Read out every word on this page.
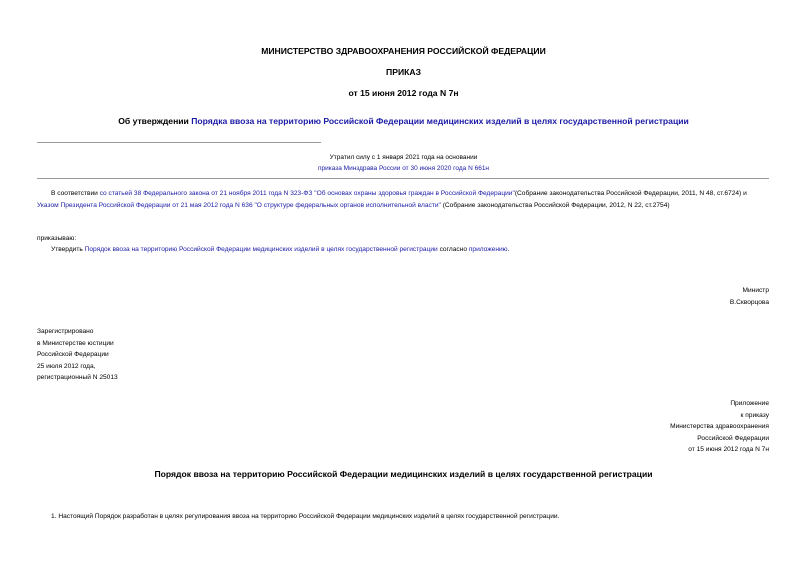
МИНИСТЕРСТВО ЗДРАВООХРАНЕНИЯ РОССИЙСКОЙ ФЕДЕРАЦИИ
ПРИКАЗ
от 15 июня 2012 года N 7н
Об утверждении Порядка ввоза на территорию Российской Федерации медицинских изделий в целях государственной регистрации
Утратил силу с 1 января 2021 года на основании
приказа Минздрава России от 30 июня 2020 года N 661н
В соответствии со статьей 38 Федерального закона от 21 ноября 2011 года N 323-ФЗ "Об основах охраны здоровья граждан в Российской Федерации"(Собрание законодательства Российской Федерации, 2011, N 48, ст.6724) и Указом Президента Российской Федерации от 21 мая 2012 года N 636 "О структуре федеральных органов исполнительной власти" (Собрание законодательства Российской Федерации, 2012, N 22, ст.2754)
приказываю:
Утвердить Порядок ввоза на территорию Российской Федерации медицинских изделий в целях государственной регистрации согласно приложению.
Министр
В.Скворцова
Зарегистрировано
в Министерстве юстиции
Российской Федерации
25 июля 2012 года,
регистрационный N 25013
Приложение
к приказу
Министерства здравоохранения
Российской Федерации
от 15 июня 2012 года N 7н
Порядок ввоза на территорию Российской Федерации медицинских изделий в целях государственной регистрации
1. Настоящий Порядок разработан в целях регулирования ввоза на территорию Российской Федерации медицинских изделий в целях государственной регистрации.
